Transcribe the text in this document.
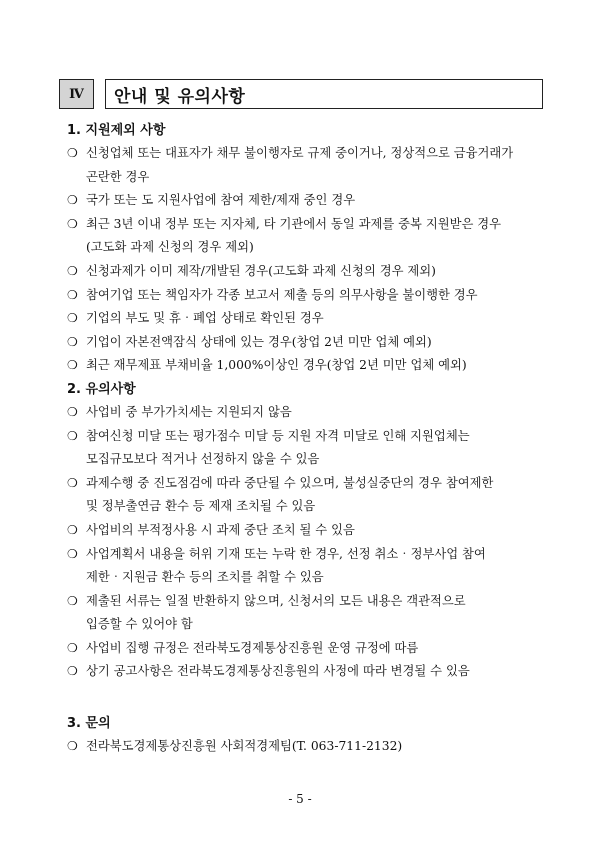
Ⅳ	안내 및 유의사항

1. 지원제외 사항

❍ 신청업체 또는 대표자가 채무 불이행자로 규제 중이거나, 정상적으로 금융거래가
곤란한 경우
❍ 국가 또는 도 지원사업에 참여 제한/제재 중인 경우
❍ 최근 3년 이내 정부 또는 지자체, 타 기관에서 동일 과제를 중복 지원받은 경우
(고도화 과제 신청의 경우 제외)
❍ 신청과제가 이미 제작/개발된 경우(고도화 과제 신청의 경우 제외)
❍ 참여기업 또는 책임자가 각종 보고서 제출 등의 의무사항을 불이행한 경우
❍ 기업의 부도 및 휴‧폐업 상태로 확인된 경우
❍ 기업이 자본전액잠식 상태에 있는 경우(창업 2년 미만 업체 예외)
❍ 최근 재무제표 부채비율 1,000%이상인 경우(창업 2년 미만 업체 예외)

2. 유의사항

❍ 사업비 중 부가가치세는 지원되지 않음
❍ 참여신청 미달 또는 평가점수 미달 등 지원 자격 미달로 인해 지원업체는
모집규모보다 적거나 선정하지 않을 수 있음
❍ 과제수행 중 진도점검에 따라 중단될 수 있으며, 불성실중단의 경우 참여제한
및 정부출연금 환수 등 제재 조치될 수 있음
❍ 사업비의 부적정사용 시 과제 중단 조치 될 수 있음
❍ 사업계획서 내용을 허위 기재 또는 누락 한 경우, 선정 취소‧정부사업 참여
제한‧지원금 환수 등의 조치를 취할 수 있음
❍ 제출된 서류는 일절 반환하지 않으며, 신청서의 모든 내용은 객관적으로
입증할 수 있어야 함
❍ 사업비 집행 규정은 전라북도경제통상진흥원 운영 규정에 따름
❍ 상기 공고사항은 전라북도경제통상진흥원의 사정에 따라 변경될 수 있음

3. 문의

❍ 전라북도경제통상진흥원 사회적경제팀(T. 063-711-2132)
- 5 -
